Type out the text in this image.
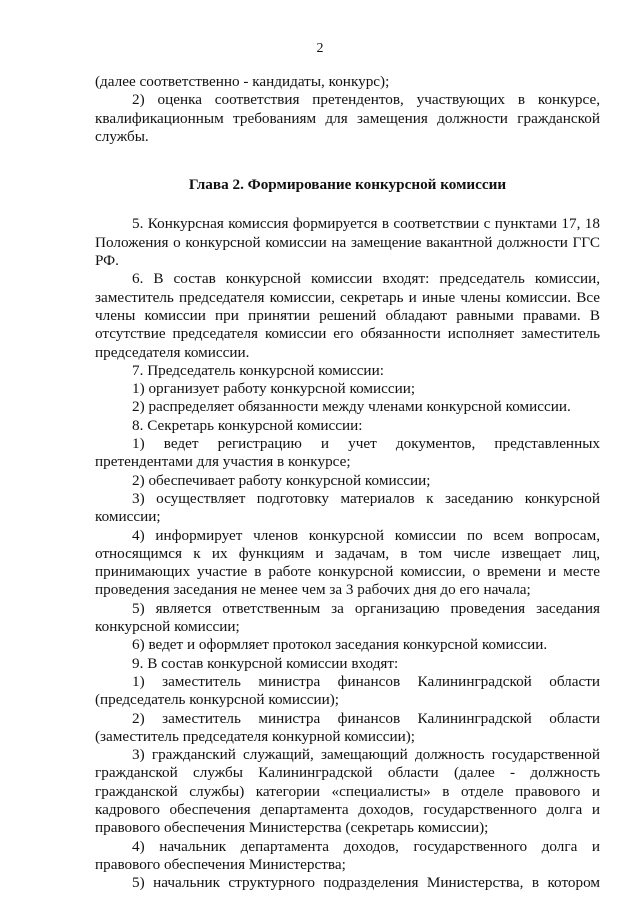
2

(далее соответственно - кандидаты, конкурс);

2) оценка соответствия претендентов, участвующих в конкурсе, квалификационным требованиям для замещения должности гражданской службы.

Глава 2. Формирование конкурсной комиссии

5. Конкурсная комиссия формируется в соответствии с пунктами 17, 18 Положения о конкурсной комиссии на замещение вакантной должности ГГС РФ.

6. В состав конкурсной комиссии входят: председатель комиссии, заместитель председателя комиссии, секретарь и иные члены комиссии. Все члены комиссии при принятии решений обладают равными правами. В отсутствие председателя комиссии его обязанности исполняет заместитель председателя комиссии.

7. Председатель конкурсной комиссии:

1) организует работу конкурсной комиссии;

2) распределяет обязанности между членами конкурсной комиссии.

8. Секретарь конкурсной комиссии:

1) ведет регистрацию и учет документов, представленных претендентами для участия в конкурсе;

2) обеспечивает работу конкурсной комиссии;

3) осуществляет подготовку материалов к заседанию конкурсной комиссии;

4) информирует членов конкурсной комиссии по всем вопросам, относящимся к их функциям и задачам, в том числе извещает лиц, принимающих участие в работе конкурсной комиссии, о времени и месте проведения заседания не менее чем за 3 рабочих дня до его начала;

5) является ответственным за организацию проведения заседания конкурсной комиссии;

6) ведет и оформляет протокол заседания конкурсной комиссии.

9. В состав конкурсной комиссии входят:

1) заместитель министра финансов Калининградской области (председатель конкурсной комиссии);

2) заместитель министра финансов Калининградской области (заместитель председателя конкурной комиссии);

3) гражданский служащий, замещающий должность государственной гражданской службы Калининградской области (далее - должность гражданской службы) категории «специалисты» в отделе правового и кадрового обеспечения департамента доходов, государственного долга и правового обеспечения Министерства (секретарь комиссии);

4) начальник департамента доходов, государственного долга и правового обеспечения Министерства;

5) начальник структурного подразделения Министерства, в котором
